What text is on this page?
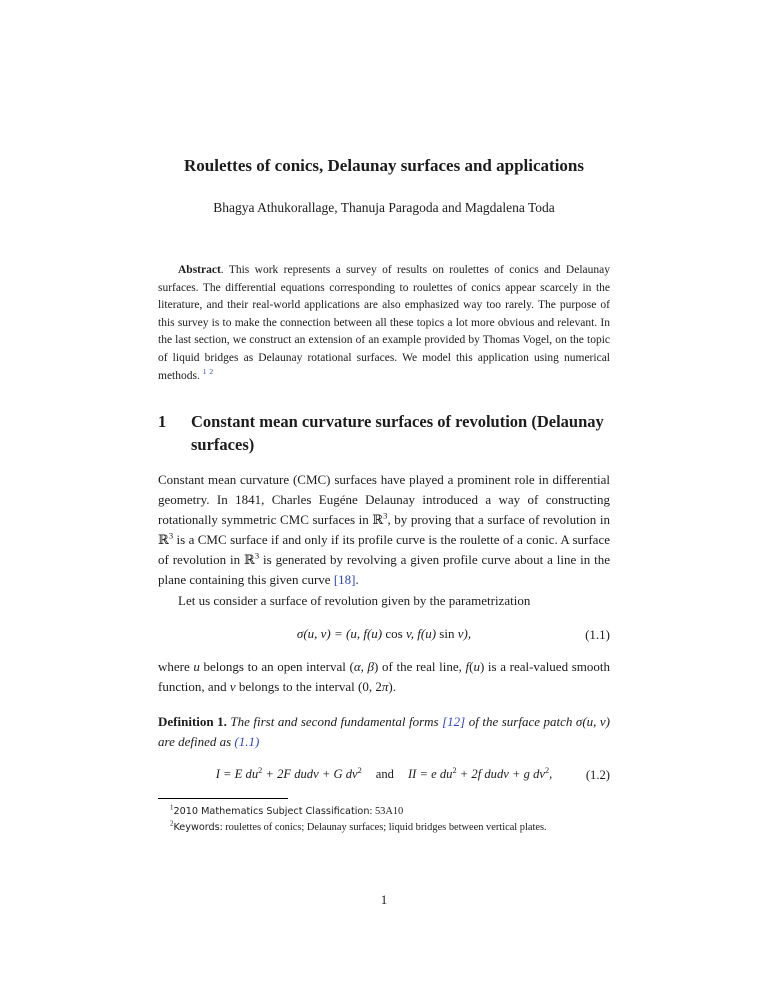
Roulettes of conics, Delaunay surfaces and applications
Bhagya Athukorallage, Thanuja Paragoda and Magdalena Toda

Abstract. This work represents a survey of results on roulettes of conics and Delaunay surfaces. The differential equations corresponding to roulettes of conics appear scarcely in the literature, and their real-world applications are also emphasized way too rarely. The purpose of this survey is to make the connection between all these topics a lot more obvious and relevant. In the last section, we construct an extension of an example provided by Thomas Vogel, on the topic of liquid bridges as Delaunay rotational surfaces. We model this application using numerical methods. $^1$ $^2$

1	Constant mean curvature surfaces of revolution (Delaunay surfaces)

Constant mean curvature (CMC) surfaces have played a prominent role in differential geometry. In 1841, Charles Eugéne Delaunay introduced a way of constructing rotationally symmetric CMC surfaces in ℝ$^3$, by proving that a surface of revolution in ℝ$^3$ is a CMC surface if and only if its profile curve is the roulette of a conic. A surface of revolution in ℝ$^3$ is generated by revolving a given profile curve about a line in the plane containing this given curve [18].

Let us consider a surface of revolution given by the parametrization

σ(u, v) = (u, f(u) cos v, f(u) sin v),	(1.1)

where u belongs to an open interval (α, β) of the real line, f(u) is a real-valued smooth function, and v belongs to the interval (0, 2π).

Definition 1. The first and second fundamental forms [12] of the surface patch σ(u, v) are defined as (1.1)

I = E $du^2 + 2F$ dudv + G $dv^2$ and II = e $du^2 + 2f$ dudv + g $dv^2$,	(1.2)

$^1$2010 Mathematics Subject Classification: 53A10

$^2$Keywords: roulettes of conics; Delaunay surfaces; liquid bridges between vertical plates.

1
